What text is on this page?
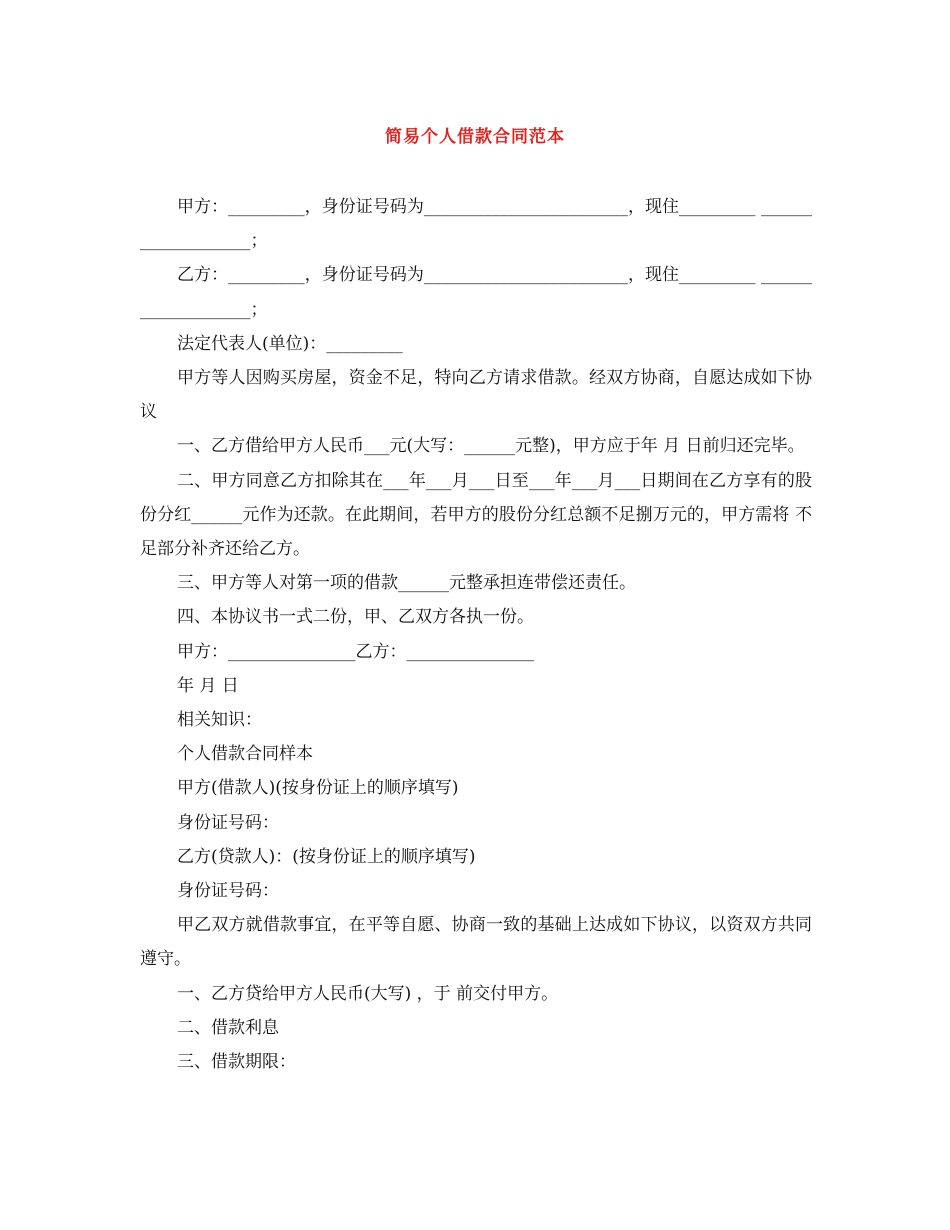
简易个人借款合同范本

甲方：_________，身份证号码为________________________，现住_________ ___________________；

乙方：_________，身份证号码为________________________，现住_________ ___________________；

法定代表人(单位)：_________

甲方等人因购买房屋，资金不足，特向乙方请求借款。经双方协商，自愿达成如下协议

一、乙方借给甲方人民币___元(大写：______元整)，甲方应于年 月 日前归还完毕。

二、甲方同意乙方扣除其在___年___月___日至___年___月___日期间在乙方享有的股份分红______元作为还款。在此期间，若甲方的股份分红总额不足捌万元的，甲方需将 不足部分补齐还给乙方。

三、甲方等人对第一项的借款______元整承担连带偿还责任。

四、本协议书一式二份，甲、乙双方各执一份。

甲方：_______________乙方：_______________

年 月 日

相关知识：

个人借款合同样本

甲方(借款人)(按身份证上的顺序填写)

身份证号码：

乙方(贷款人)：(按身份证上的顺序填写)

身份证号码：

甲乙双方就借款事宜，在平等自愿、协商一致的基础上达成如下协议，以资双方共同遵守。

一、乙方贷给甲方人民币(大写) ，于 前交付甲方。

二、借款利息

三、借款期限：
